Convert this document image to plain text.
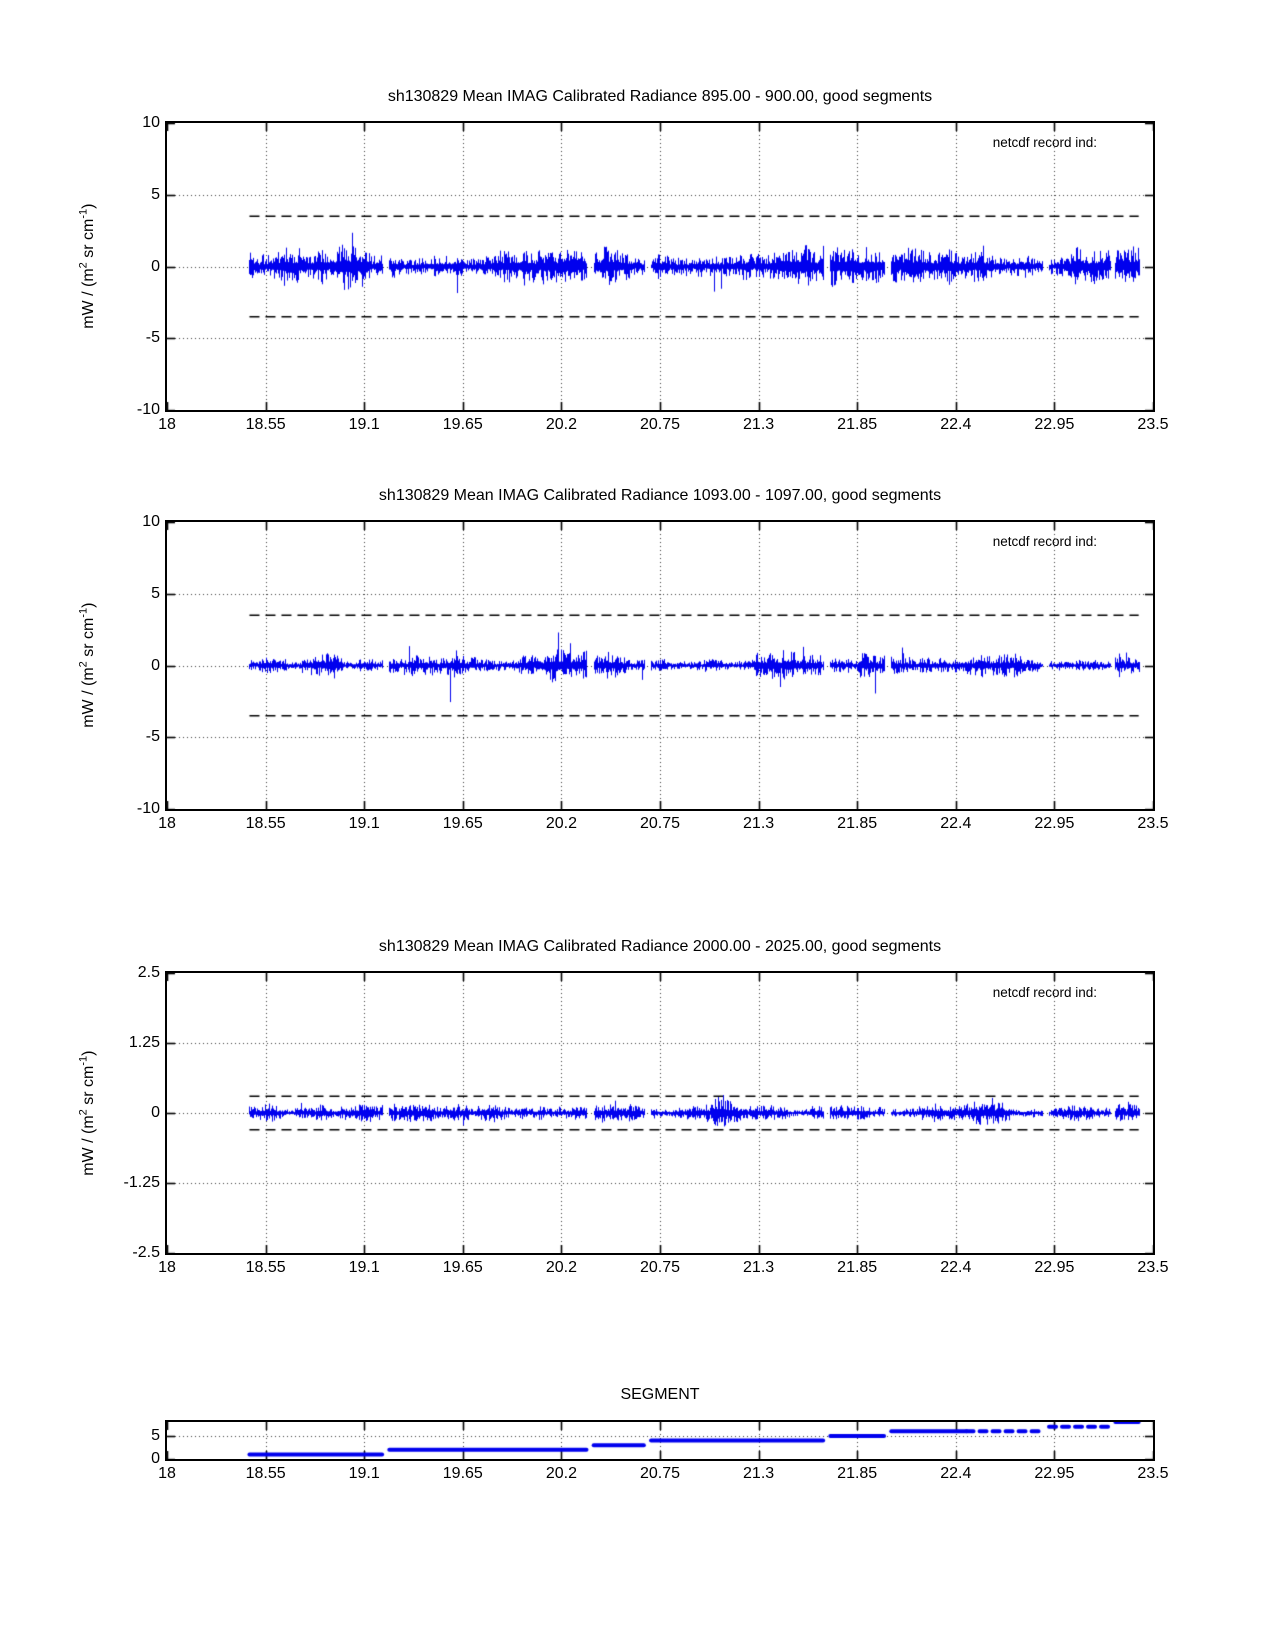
sh130829 Mean IMAG Calibrated Radiance 895.00 - 900.00, good segments
mW / ($m^2$ sr $cm^{-1}$)
10
5
0
-5
-10
netcdf record ind:
18	18.55	19.1	19.65	20.2	20.75	21.3	21.85	22.4	22.95	23.5
sh130829 Mean IMAG Calibrated Radiance 1093.00 - 1097.00, good segments
mW / ($m^2$ sr $cm^{-1}$)
10
5
0
-5
-10
netcdf record ind:
18	18.55	19.1	19.65	20.2	20.75	21.3	21.85	22.4	22.95	23.5
sh130829 Mean IMAG Calibrated Radiance 2000.00 - 2025.00, good segments
mW / ($m^2$ sr $cm^{-1}$)
2.5
1.25
0
-1.25
-2.5
netcdf record ind:
18	18.55	19.1	19.65	20.2	20.75	21.3	21.85	22.4	22.95	23.5
SEGMENT
5
0
18	18.55	19.1	19.65	20.2	20.75	21.3	21.85	22.4	22.95	23.5
